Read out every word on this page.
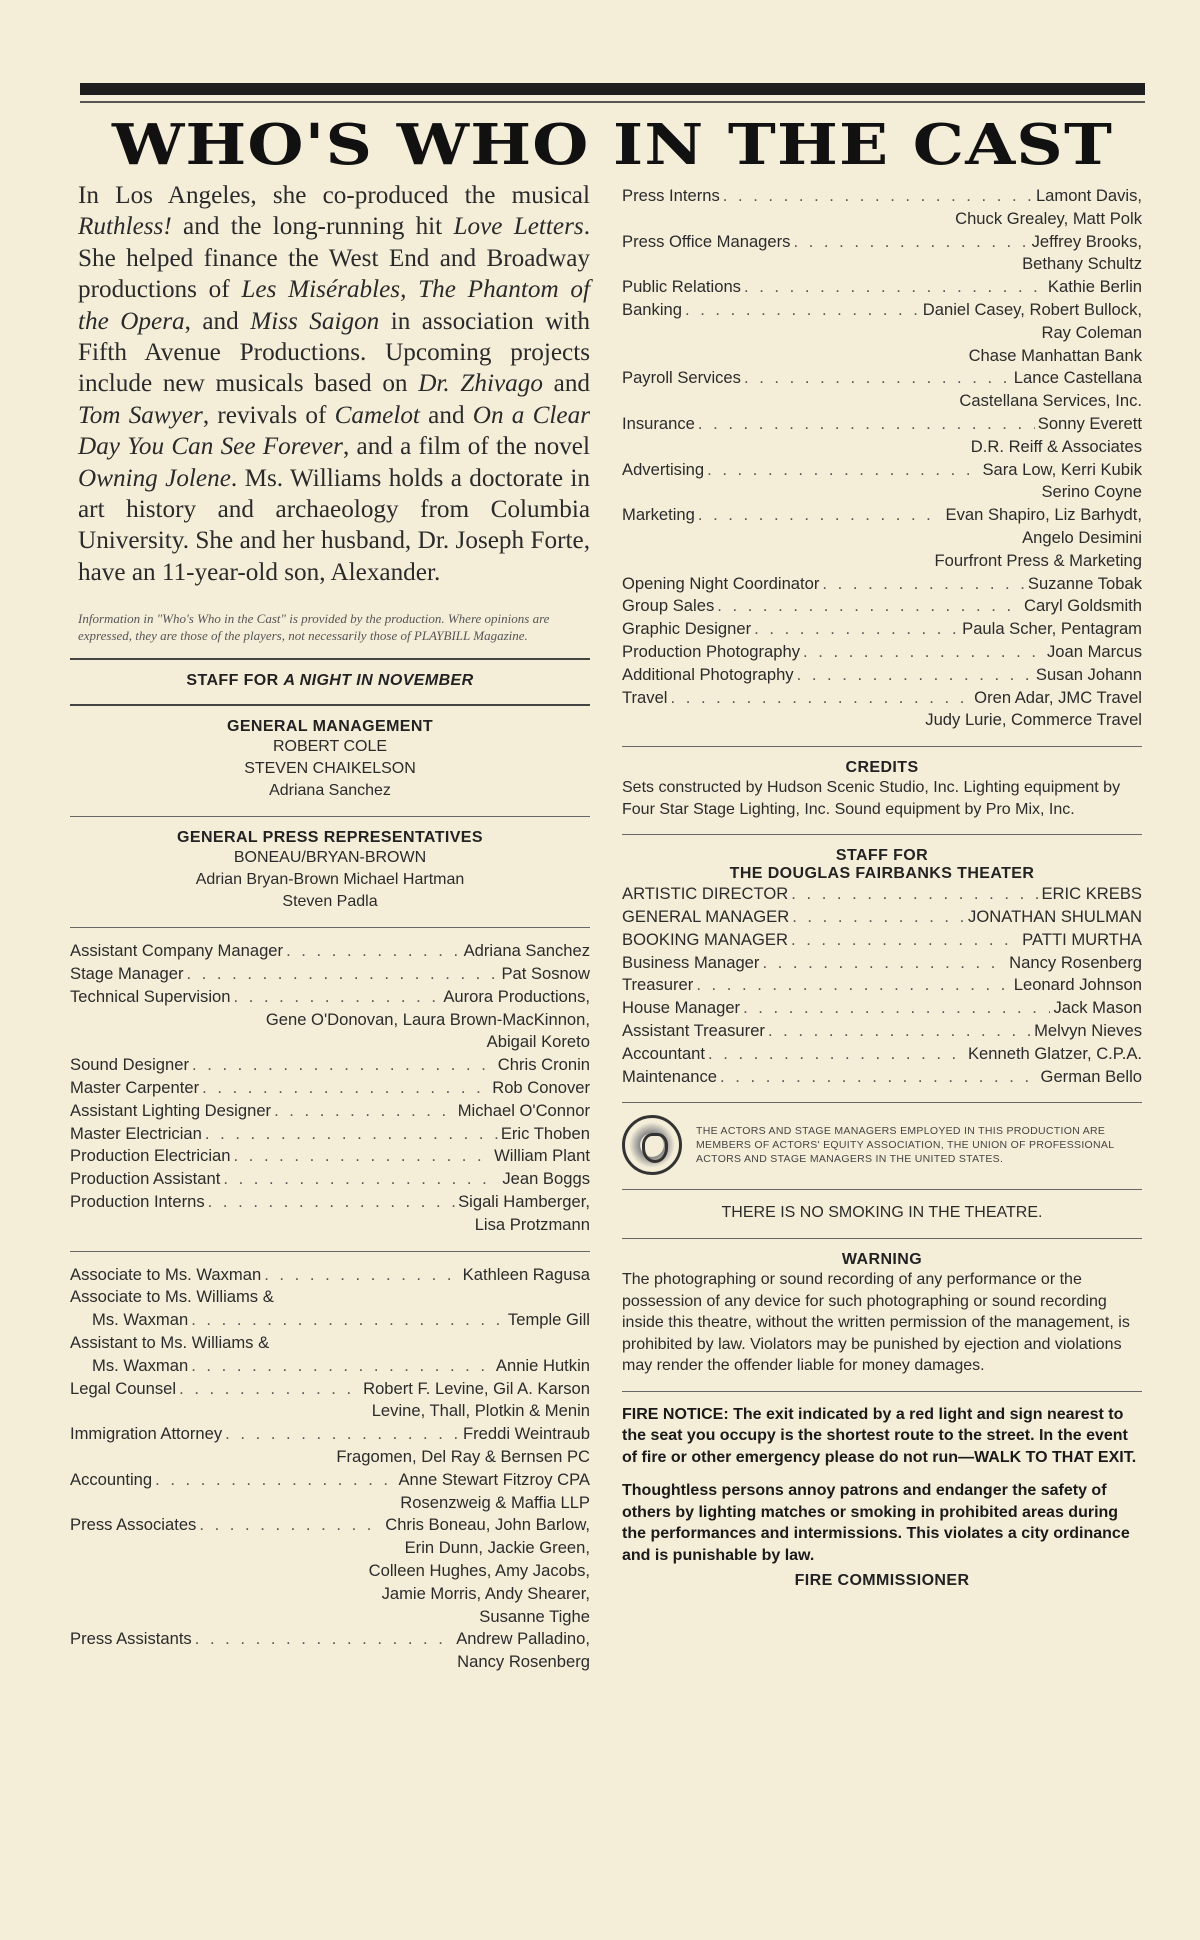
WHO'S WHO IN THE CAST
In Los Angeles, she co-produced the musical Ruthless! and the long-running hit Love Letters. She helped finance the West End and Broadway productions of Les Misérables, The Phantom of the Opera, and Miss Saigon in association with Fifth Avenue Productions. Upcoming projects include new musicals based on Dr. Zhivago and Tom Sawyer, revivals of Camelot and On a Clear Day You Can See Forever, and a film of the novel Owning Jolene. Ms. Williams holds a doctorate in art history and archaeology from Columbia University. She and her husband, Dr. Joseph Forte, have an 11-year-old son, Alexander.
Information in "Who's Who in the Cast" is provided by the production. Where opinions are expressed, they are those of the players, not necessarily those of PLAYBILL Magazine.
STAFF FOR A NIGHT IN NOVEMBER
GENERAL MANAGEMENT
ROBERT COLE
STEVEN CHAIKELSON
Adriana Sanchez
GENERAL PRESS REPRESENTATIVES
BONEAU/BRYAN-BROWN
Adrian Bryan-Brown Michael Hartman
Steven Padla
Assistant Company Manager . . .	Adriana Sanchez
Stage Manager . . .	Pat Sosnow
Technical Supervision . . .	Aurora Productions,
Gene O'Donovan, Laura Brown-MacKinnon,
Abigail Koreto
Sound Designer . . .	Chris Cronin
Master Carpenter . . .	Rob Conover
Assistant Lighting Designer . . .	Michael O'Connor
Master Electrician . . .	Eric Thoben
Production Electrician . . .	William Plant
Production Assistant . . .	Jean Boggs
Production Interns . . .	Sigali Hamberger,
Lisa Protzmann
Associate to Ms. Waxman . . .	Kathleen Ragusa
Associate to Ms. Williams &
Ms. Waxman . . .	Temple Gill
Assistant to Ms. Williams &
Ms. Waxman . . .	Annie Hutkin
Legal Counsel . . .	Robert F. Levine, Gil A. Karson
Levine, Thall, Plotkin & Menin
Immigration Attorney . . .	Freddi Weintraub
Fragomen, Del Ray & Bernsen PC
Accounting . . .	Anne Stewart Fitzroy CPA
Rosenzweig & Maffia LLP
Press Associates . . .	Chris Boneau, John Barlow,
Erin Dunn, Jackie Green,
Colleen Hughes, Amy Jacobs,
Jamie Morris, Andy Shearer,
Susanne Tighe
Press Assistants . . .	Andrew Palladino,
Nancy Rosenberg
Press Interns . . .	Lamont Davis,
Chuck Grealey, Matt Polk
Press Office Managers . . .	Jeffrey Brooks,
Bethany Schultz
Public Relations . . .	Kathie Berlin
Banking . . .	Daniel Casey, Robert Bullock,
Ray Coleman
Chase Manhattan Bank
Payroll Services . . .	Lance Castellana
Castellana Services, Inc.
Insurance . . .	Sonny Everett
D.R. Reiff & Associates
Advertising . . .	Sara Low, Kerri Kubik
Serino Coyne
Marketing . . .	Evan Shapiro, Liz Barhydt,
Angelo Desimini
Fourfront Press & Marketing
Opening Night Coordinator . . .	Suzanne Tobak
Group Sales . . .	Caryl Goldsmith
Graphic Designer . . .	Paula Scher, Pentagram
Production Photography . . .	Joan Marcus
Additional Photography . . .	Susan Johann
Travel . . .	Oren Adar, JMC Travel
Judy Lurie, Commerce Travel
CREDITS
Sets constructed by Hudson Scenic Studio, Inc. Lighting equipment by Four Star Stage Lighting, Inc. Sound equipment by Pro Mix, Inc.
STAFF FOR
THE DOUGLAS FAIRBANKS THEATER
ARTISTIC DIRECTOR . . .	ERIC KREBS
GENERAL MANAGER . . .	JONATHAN SHULMAN
BOOKING MANAGER . . .	PATTI MURTHA
Business Manager . . .	Nancy Rosenberg
Treasurer . . .	Leonard Johnson
House Manager . . .	Jack Mason
Assistant Treasurer . . .	Melvyn Nieves
Accountant . . .	Kenneth Glatzer, C.P.A.
Maintenance . . .	German Bello
THE ACTORS AND STAGE MANAGERS EMPLOYED IN THIS PRODUCTION ARE MEMBERS OF ACTORS' EQUITY ASSOCIATION, THE UNION OF PROFESSIONAL ACTORS AND STAGE MANAGERS IN THE UNITED STATES.
THERE IS NO SMOKING IN THE THEATRE.
WARNING
The photographing or sound recording of any performance or the possession of any device for such photographing or sound recording inside this theatre, without the written permission of the management, is prohibited by law. Violators may be punished by ejection and violations may render the offender liable for money damages.
FIRE NOTICE: The exit indicated by a red light and sign nearest to the seat you occupy is the shortest route to the street. In the event of fire or other emergency please do not run—WALK TO THAT EXIT.
Thoughtless persons annoy patrons and endanger the safety of others by lighting matches or smoking in prohibited areas during the performances and intermissions. This violates a city ordinance and is punishable by law.
FIRE COMMISSIONER
